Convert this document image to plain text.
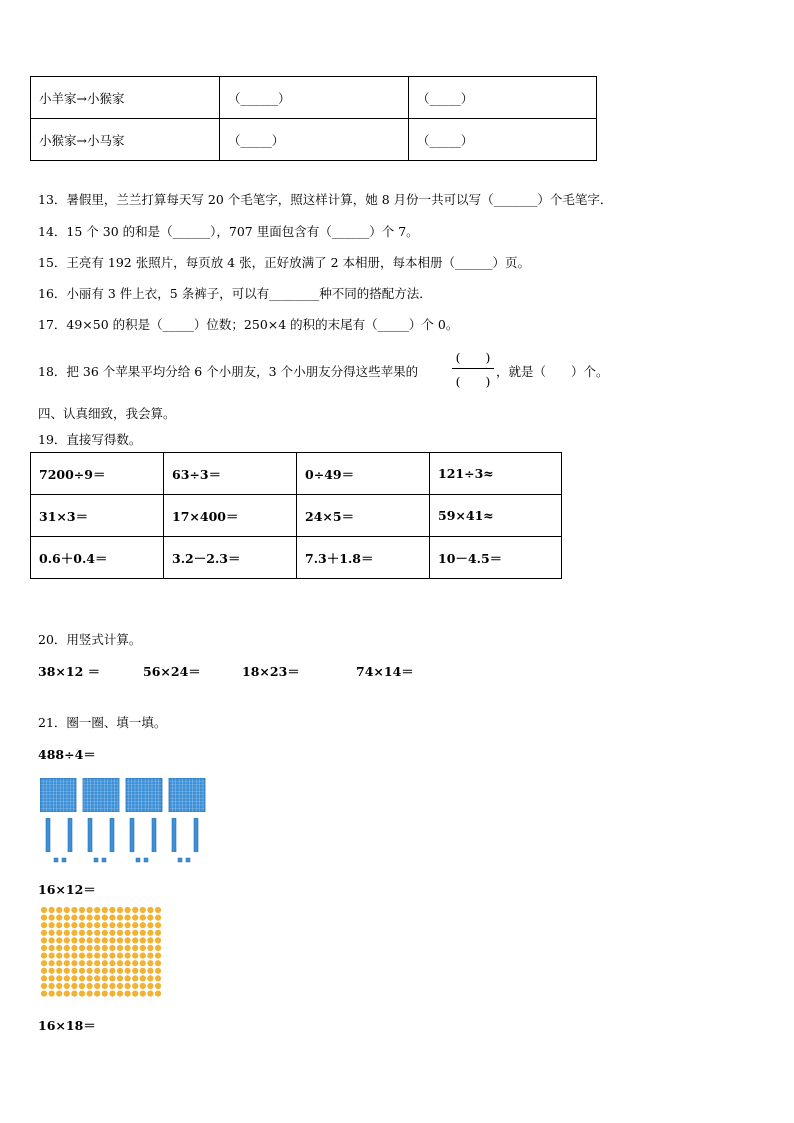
小羊家→小猴家	（______）	（_____）
小猴家→小马家	（_____）	（_____）
13．暑假里，兰兰打算每天写 20 个毛笔字，照这样计算，她 8 月份一共可以写（_______）个毛笔字．
14．15 个 30 的和是（______），707 里面包含有（______）个 7。
15．王亮有 192 张照片，每页放 4 张，正好放满了 2 本相册，每本相册（______）页。
16．小丽有 3 件上衣，5 条裤子，可以有________种不同的搭配方法．
17．49×50 的积是（_____）位数；250×4 的积的末尾有（_____）个 0。
18．把 36 个苹果平均分给 6 个小朋友，3 个小朋友分得这些苹果的
(　　)
(　　)
，就是（　　）个。
四、认真细致，我会算。
19．直接写得数。
7200÷9＝	63÷3＝	0÷49＝	121÷3≈
31×3＝	17×400＝	24×5＝	59×41≈
0.6＋0.4＝	3.2－2.3＝	7.3＋1.8＝	10－4.5＝
20．用竖式计算。
38×12 ＝	56×24＝	18×23＝	74×14＝
21．圈一圈、填一填。
488÷4＝
16×12＝
16×18＝
